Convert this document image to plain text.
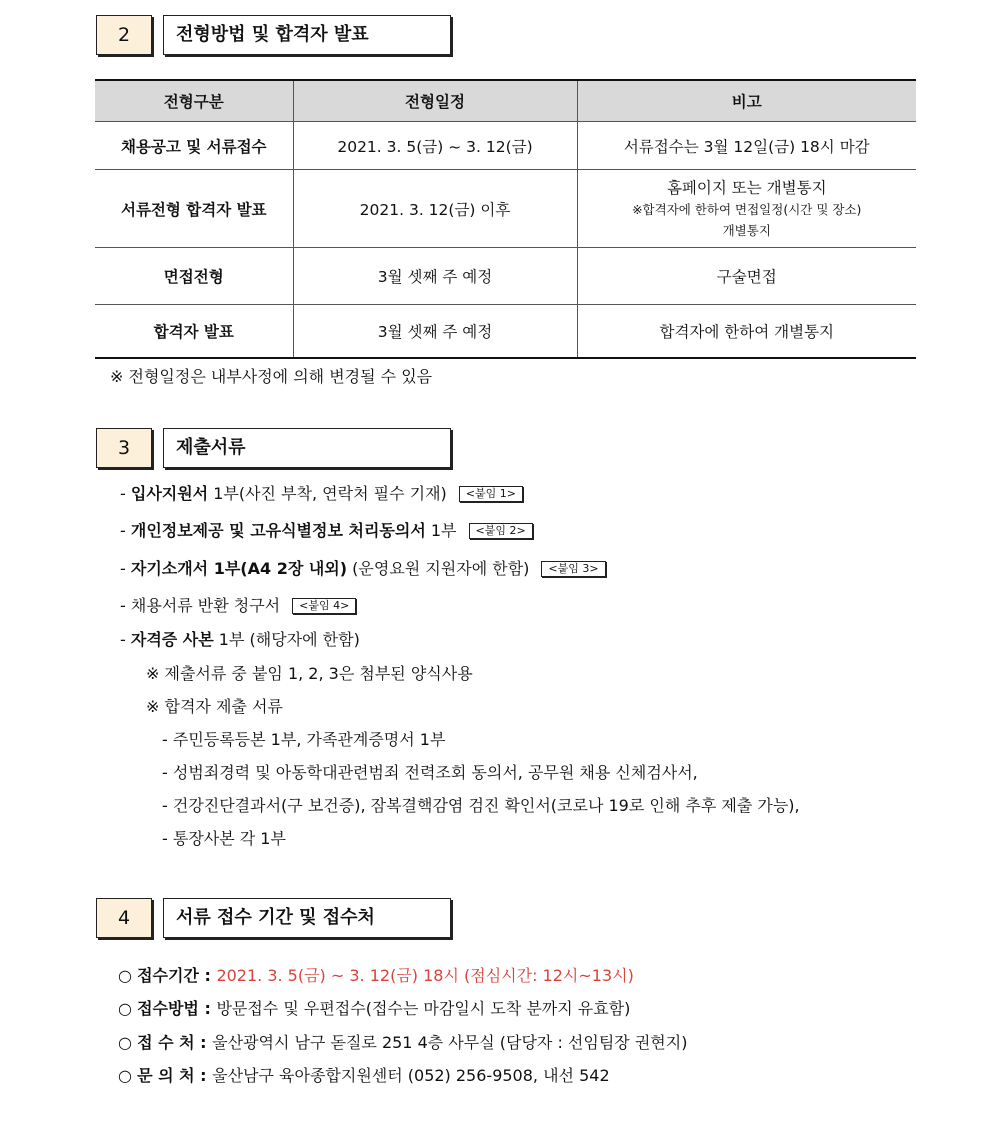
2	전형방법 및 합격자 발표
전형구분	전형일정	비고
채용공고 및 서류접수	2021. 3. 5(금) ~ 3. 12(금)	서류접수는 3월 12일(금) 18시 마감
서류전형 합격자 발표	2021. 3. 12(금) 이후	홈페이지 또는 개별통지
※합격자에 한하여 면접일정(시간 및 장소)
개별통지

면접전형	3월 셋째 주 예정	구술면접
합격자 발표	3월 셋째 주 예정	합격자에 한하여 개별통지
※ 전형일정은 내부사정에 의해 변경될 수 있음
3	제출서류
- 입사지원서 1부(사진 부착, 연락처 필수 기재) <붙임 1>
- 개인정보제공 및 고유식별정보 처리동의서 1부 <붙임 2>
- 자기소개서 1부(A4 2장 내외) (운영요원 지원자에 한함) <붙임 3>
- 채용서류 반환 청구서 <붙임 4>
- 자격증 사본 1부 (해당자에 한함)
※ 제출서류 중 붙임 1, 2, 3은 첨부된 양식사용
※ 합격자 제출 서류
- 주민등록등본 1부, 가족관계증명서 1부
- 성범죄경력 및 아동학대관련범죄 전력조회 동의서, 공무원 채용 신체검사서,
- 건강진단결과서(구 보건증), 잠복결핵감염 검진 확인서(코로나 19로 인해 추후 제출 가능),
- 통장사본 각 1부
4	서류 접수 기간 및 접수처
○ 접수기간 : 2021. 3. 5(금) ~ 3. 12(금) 18시 (점심시간: 12시~13시)
○ 접수방법 : 방문접수 및 우편접수(접수는 마감일시 도착 분까지 유효함)
○ 접 수 처 : 울산광역시 남구 돋질로 251 4층 사무실 (담당자 : 선임팀장 권현지)
○ 문 의 처 : 울산남구 육아종합지원센터 (052) 256-9508, 내선 542
